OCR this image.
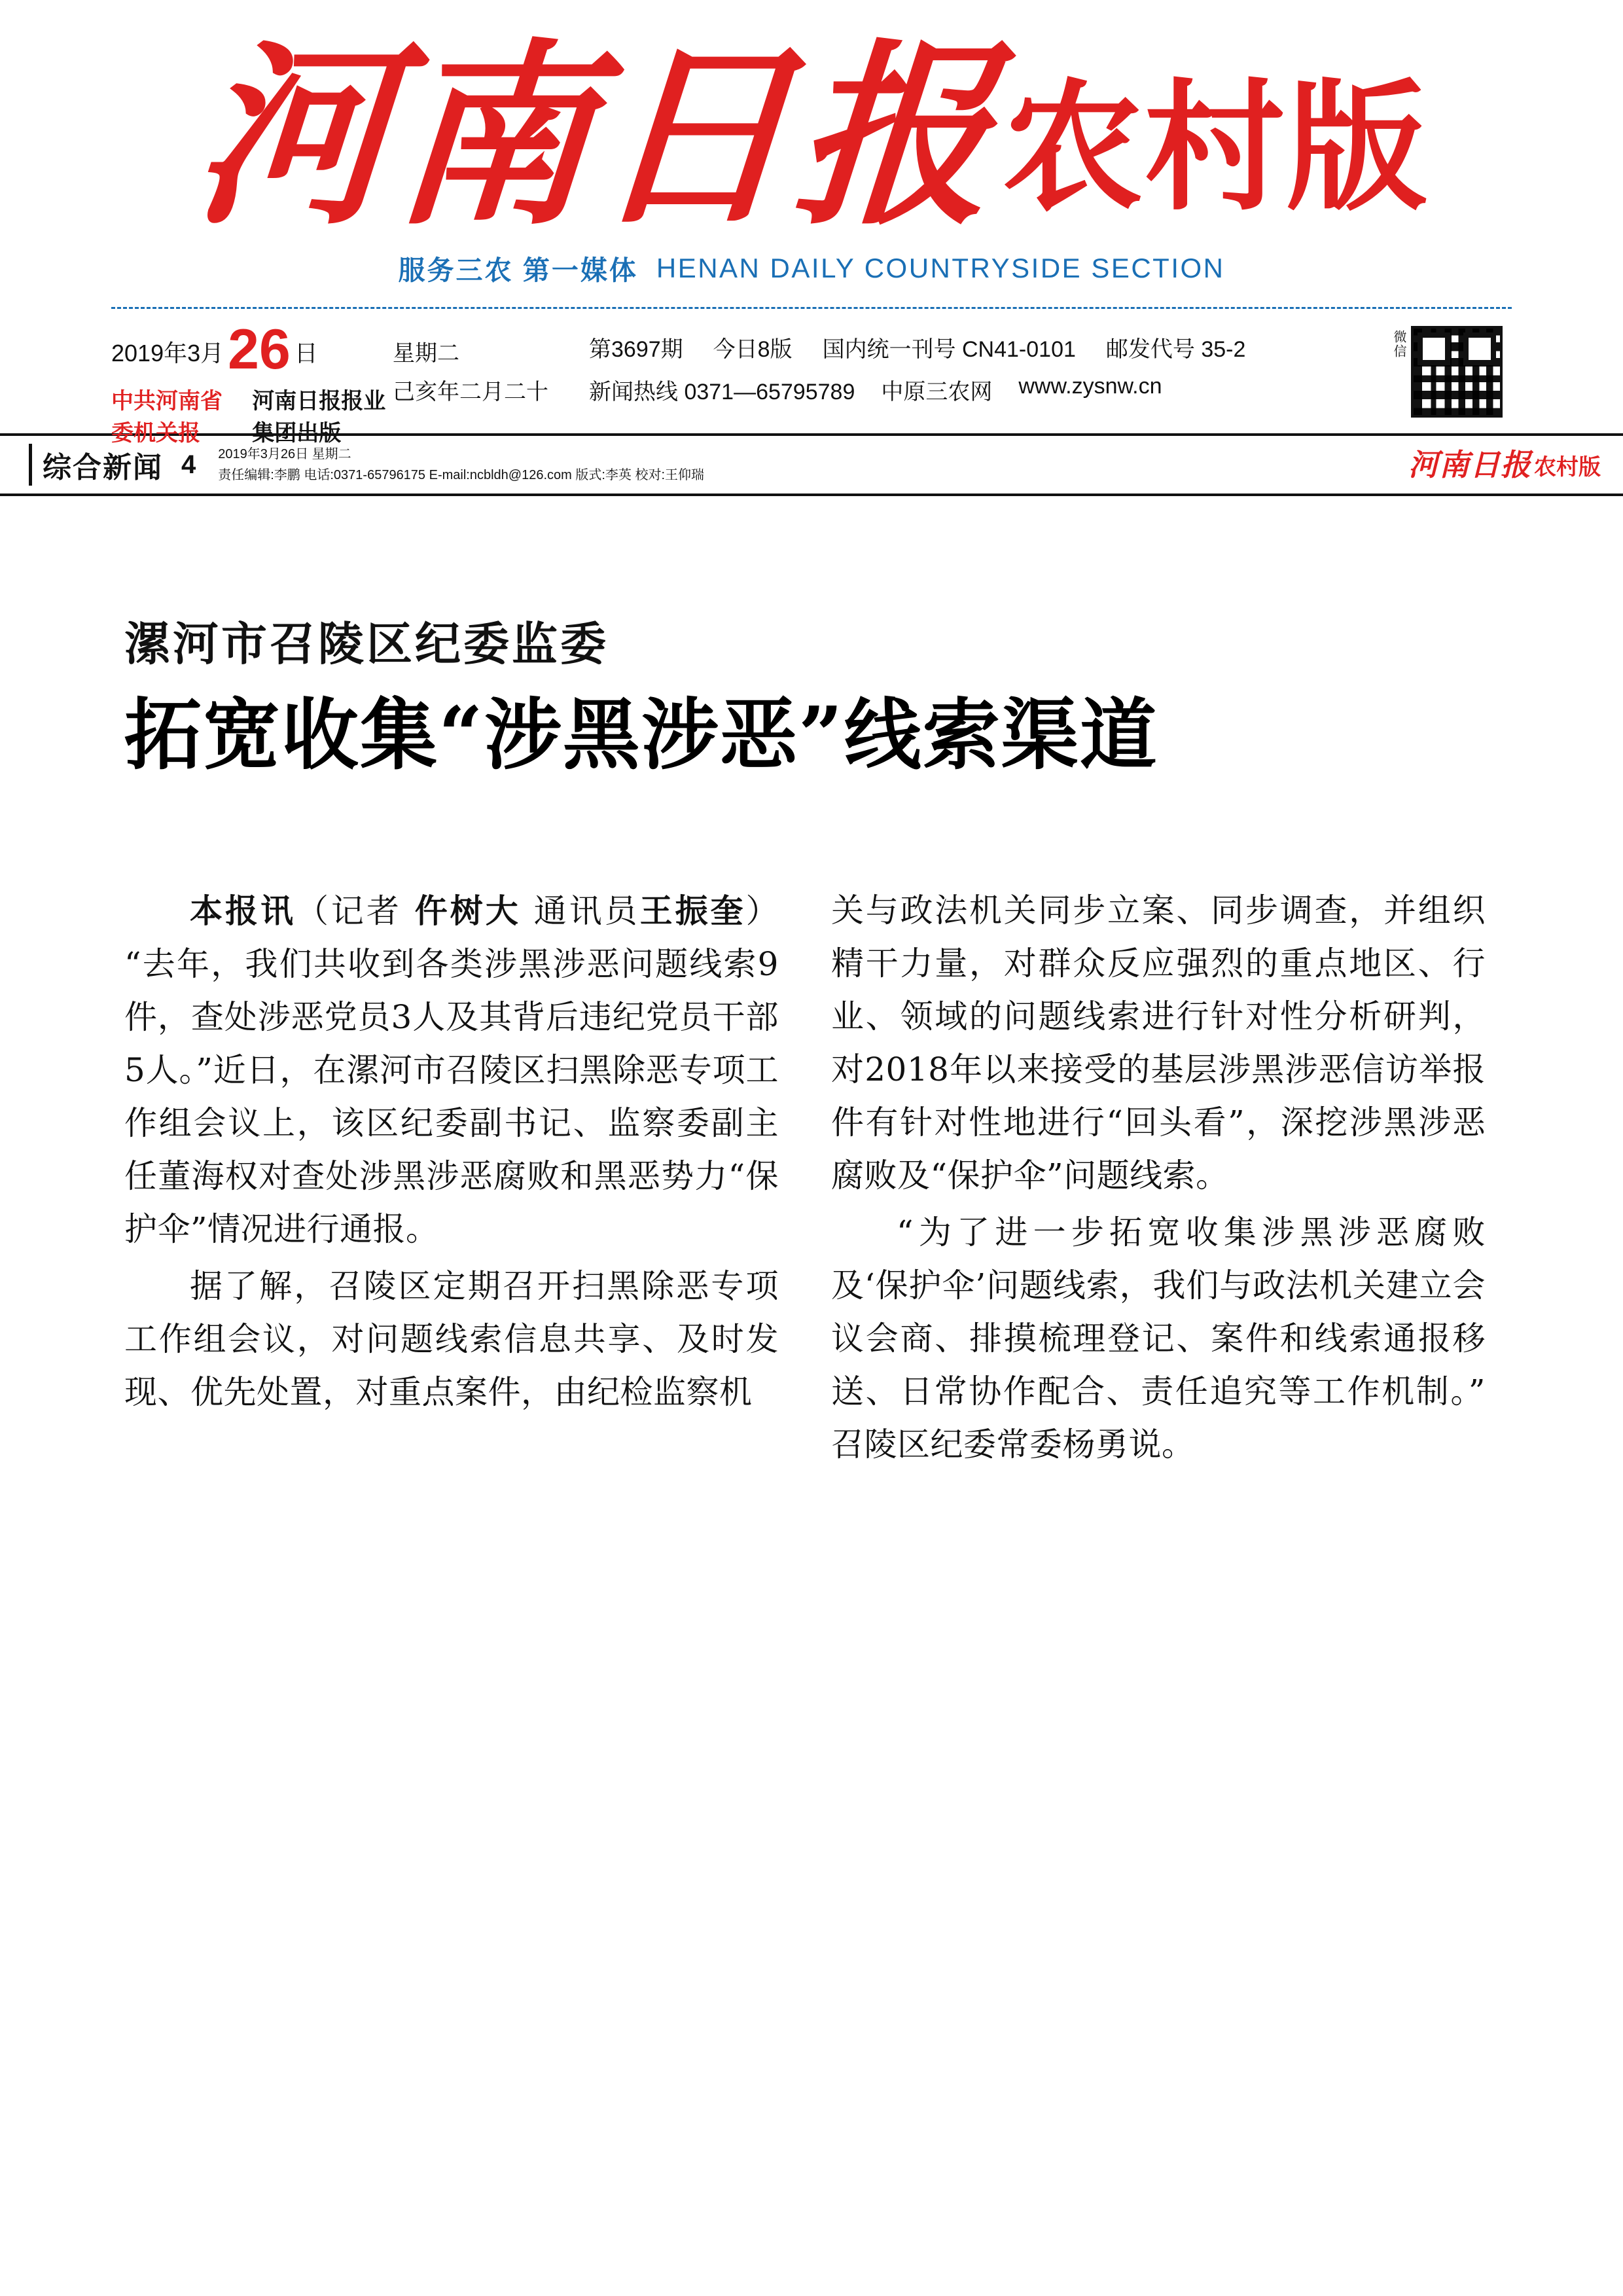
河南日报
农村版
服务三农 第一媒体 HENAN DAILY COUNTRYSIDE SECTION
2019年3月 26 日
中共河南省委机关报
河南日报报业集团出版
星期二
己亥年二月二十
第3697期 今日8版 国内统一刊号 CN41-0101 邮发代号 35-2
新闻热线 0371—65795789 中原三农网 www.zysnw.cn
微信
综合新闻 4 2019年3月26日 星期二
责任编辑:李鹏 电话:0371-65796175 E-mail:ncbldh@126.com 版式:李英 校对:王仰瑞	河南日报 农村版
漯河市召陵区纪委监委
拓宽收集“涉黑涉恶”线索渠道

本报讯（记者 仵树大 通讯员王振奎）“去年，我们共收到各类涉黑涉恶问题线索9件，查处涉恶党员3人及其背后违纪党员干部5人。”近日，在漯河市召陵区扫黑除恶专项工作组会议上，该区纪委副书记、监察委副主任董海权对查处涉黑涉恶腐败和黑恶势力“保护伞”情况进行通报。

据了解，召陵区定期召开扫黑除恶专项工作组会议，对问题线索信息共享、及时发现、优先处置，对重点案件，由纪检监察机

关与政法机关同步立案、同步调查，并组织精干力量，对群众反应强烈的重点地区、行业、领域的问题线索进行针对性分析研判，对2018年以来接受的基层涉黑涉恶信访举报件有针对性地进行“回头看”，深挖涉黑涉恶腐败及“保护伞”问题线索。

“为了进一步拓宽收集涉黑涉恶腐败及‘保护伞’问题线索，我们与政法机关建立会议会商、排摸梳理登记、案件和线索通报移送、日常协作配合、责任追究等工作机制。”召陵区纪委常委杨勇说。
